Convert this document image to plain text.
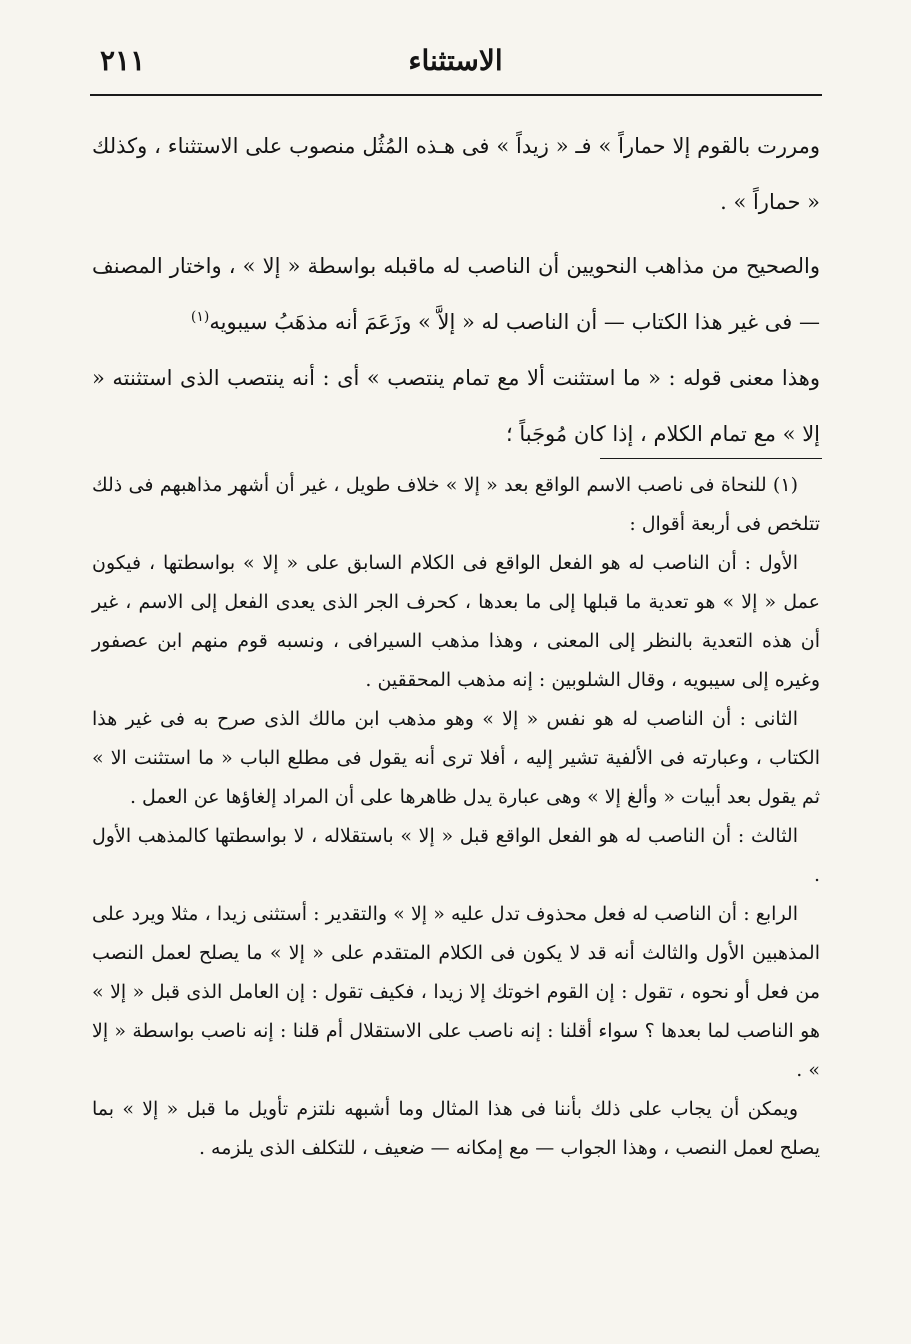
الاستثناء
٢١١

ومررت بالقوم إلا حماراً » فـ « زيداً » فى هـذه المُثُل منصوب على الاستثناء ، وكذلك « حماراً » .

والصحيح من مذاهب النحويين أن الناصب له ماقبله بواسطة « إلا » ، واختار المصنف — فى غير هذا الكتاب — أن الناصب له « إلاَّ » وزَعَمَ أنه مذهَبُ سيبويه$^{(١)}$

وهذا معنى قوله : « ما استثنت ألا مع تمام ينتصب » أى : أنه ينتصب الذى استثنته « إلا » مع تمام الكلام ، إذا كان مُوجَباً ؛

(١) للنحاة فى ناصب الاسم الواقع بعد « إلا » خلاف طويل ، غير أن أشهر مذاهبهم فى ذلك تتلخص فى أربعة أقوال :

الأول : أن الناصب له هو الفعل الواقع فى الكلام السابق على « إلا » بواسطتها ، فيكون عمل « إلا » هو تعدية ما قبلها إلى ما بعدها ، كحرف الجر الذى يعدى الفعل إلى الاسم ، غير أن هذه التعدية بالنظر إلى المعنى ، وهذا مذهب السيرافى ، ونسبه قوم منهم ابن عصفور وغيره إلى سيبويه ، وقال الشلوبين : إنه مذهب المحققين .

الثانى : أن الناصب له هو نفس « إلا » وهو مذهب ابن مالك الذى صرح به فى غير هذا الكتاب ، وعبارته فى الألفية تشير إليه ، أفلا ترى أنه يقول فى مطلع الباب « ما استثنت الا » ثم يقول بعد أبيات « وألغ إلا » وهى عبارة يدل ظاهرها على أن المراد إلغاؤها عن العمل .

الثالث : أن الناصب له هو الفعل الواقع قبل « إلا » باستقلاله ، لا بواسطتها كالمذهب الأول .

الرابع : أن الناصب له فعل محذوف تدل عليه « إلا » والتقدير : أستثنى زيدا ، مثلا ويرد على المذهبين الأول والثالث أنه قد لا يكون فى الكلام المتقدم على « إلا » ما يصلح لعمل النصب من فعل أو نحوه ، تقول : إن القوم اخوتك إلا زيدا ، فكيف تقول : إن العامل الذى قبل « إلا » هو الناصب لما بعدها ؟ سواء أقلنا : إنه ناصب على الاستقلال أم قلنا : إنه ناصب بواسطة « إلا » .

ويمكن أن يجاب على ذلك بأننا فى هذا المثال وما أشبهه نلتزم تأويل ما قبل « إلا » بما يصلح لعمل النصب ، وهذا الجواب — مع إمكانه — ضعيف ، للتكلف الذى يلزمه .
